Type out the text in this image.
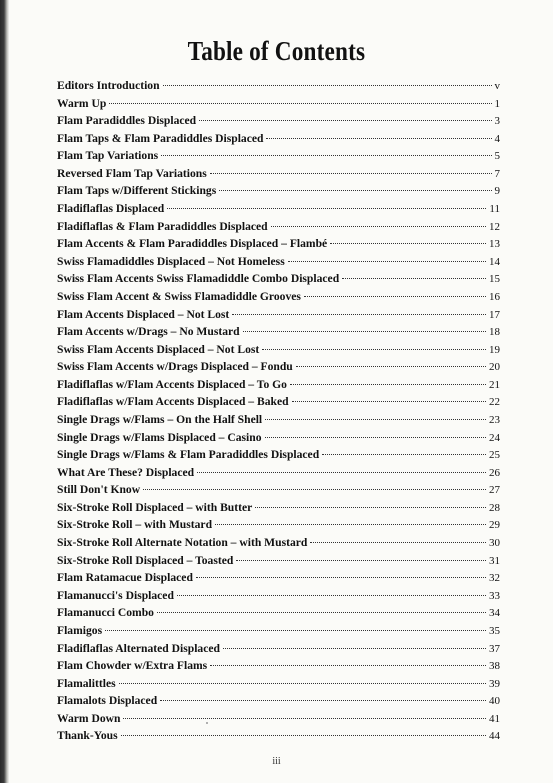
Table of Contents
Editors Introduction	v
Warm Up	1
Flam Paradiddles Displaced	3
Flam Taps & Flam Paradiddles Displaced	4
Flam Tap Variations	5
Reversed Flam Tap Variations	7
Flam Taps w/Different Stickings	9
Fladiflaflas Displaced	11
Fladiflaflas & Flam Paradiddles Displaced	12
Flam Accents & Flam Paradiddles Displaced – Flambé	13
Swiss Flamadiddles Displaced – Not Homeless	14
Swiss Flam Accents Swiss Flamadiddle Combo Displaced	15
Swiss Flam Accent & Swiss Flamadiddle Grooves	16
Flam Accents Displaced – Not Lost	17
Flam Accents w/Drags – No Mustard	18
Swiss Flam Accents Displaced – Not Lost	19
Swiss Flam Accents w/Drags Displaced – Fondu	20
Fladiflaflas w/Flam Accents Displaced – To Go	21
Fladiflaflas w/Flam Accents Displaced – Baked	22
Single Drags w/Flams – On the Half Shell	23
Single Drags w/Flams Displaced – Casino	24
Single Drags w/Flams & Flam Paradiddles Displaced	25
What Are These? Displaced	26
Still Don't Know	27
Six-Stroke Roll Displaced – with Butter	28
Six-Stroke Roll – with Mustard	29
Six-Stroke Roll Alternate Notation – with Mustard	30
Six-Stroke Roll Displaced – Toasted	31
Flam Ratamacue Displaced	32
Flamanucci's Displaced	33
Flamanucci Combo	34
Flamigos	35
Fladiflaflas Alternated Displaced	37
Flam Chowder w/Extra Flams	38
Flamalittles	39
Flamalots Displaced	40
Warm Down	41
Thank-Yous	44
iii
